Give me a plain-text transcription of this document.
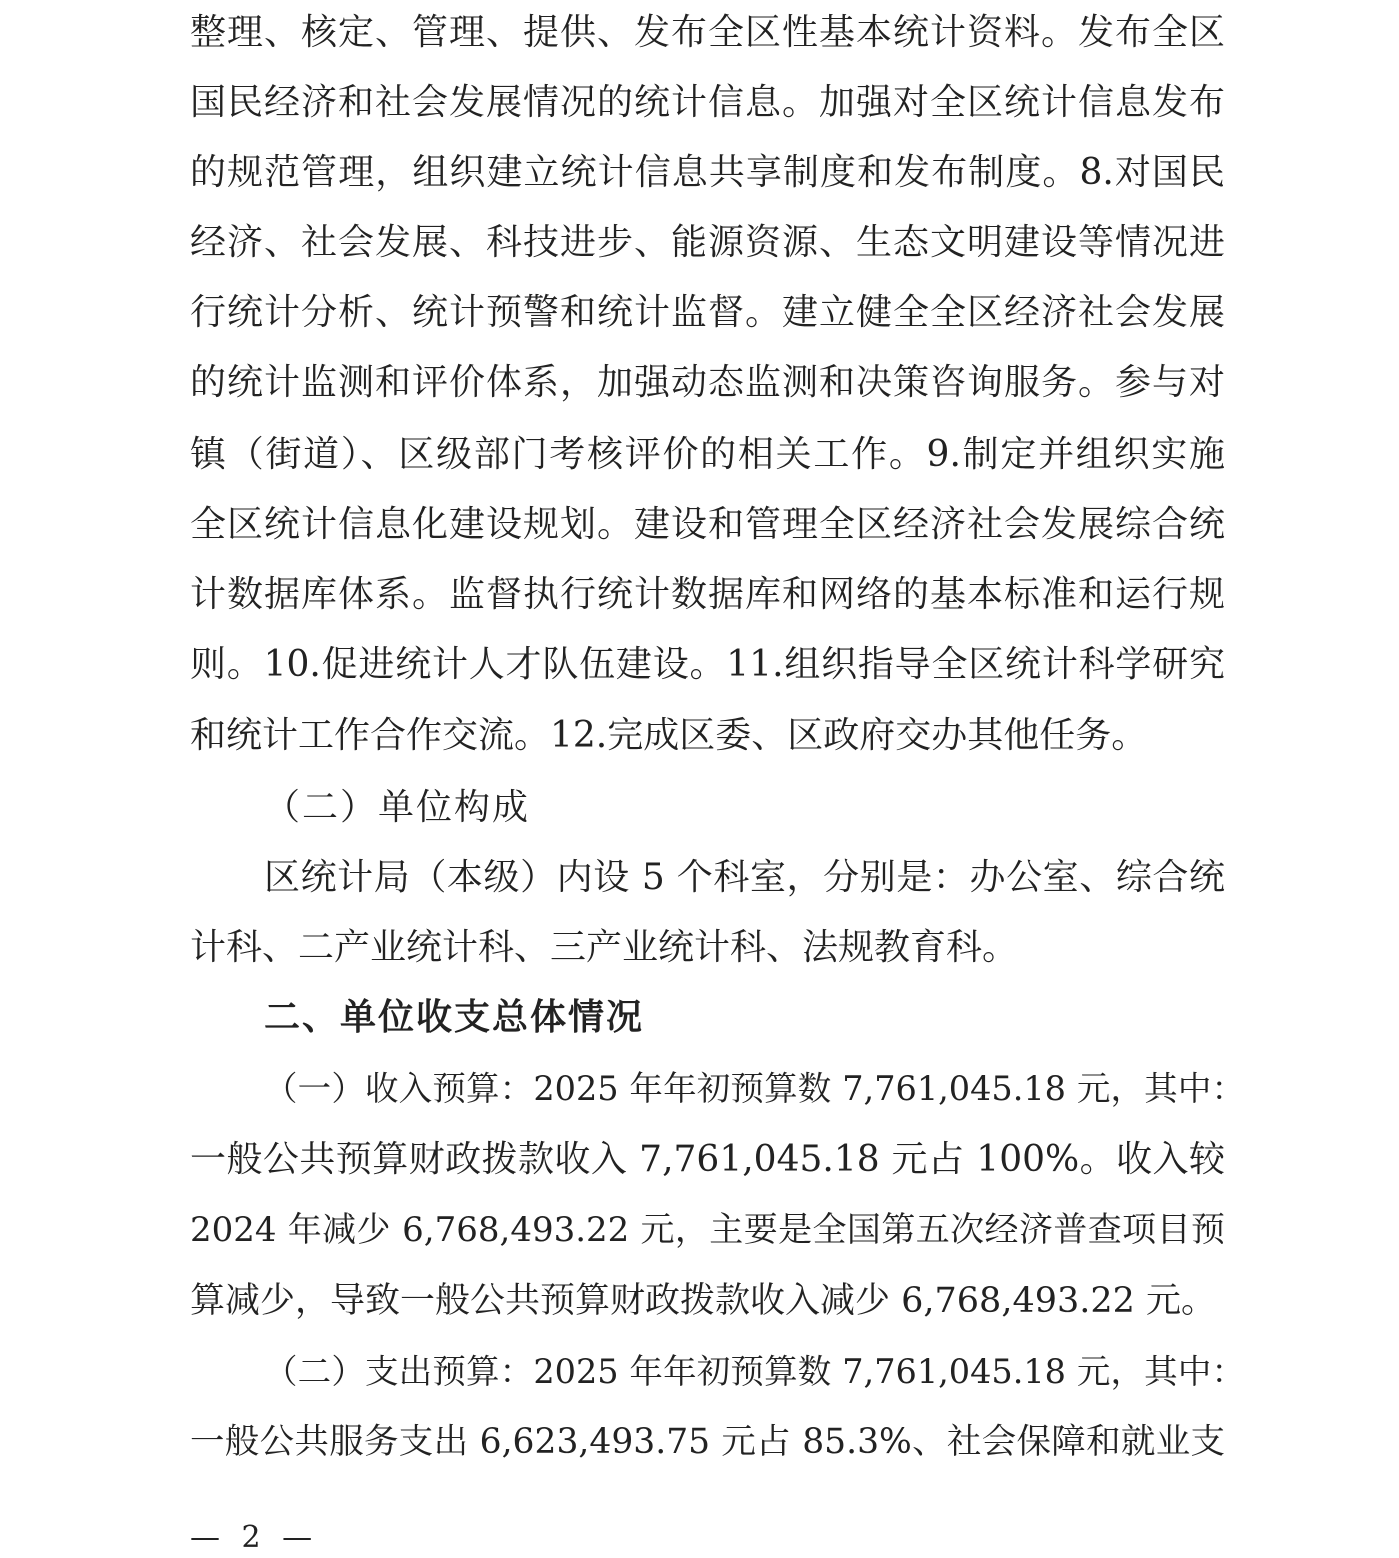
整理、核定、管理、提供、发布全区性基本统计资料。发布全区
国民经济和社会发展情况的统计信息。加强对全区统计信息发布
的规范管理，组织建立统计信息共享制度和发布制度。8.对国民
经济、社会发展、科技进步、能源资源、生态文明建设等情况进
行统计分析、统计预警和统计监督。建立健全全区经济社会发展
的统计监测和评价体系，加强动态监测和决策咨询服务。参与对
镇（街道）、区级部门考核评价的相关工作。9.制定并组织实施
全区统计信息化建设规划。建设和管理全区经济社会发展综合统
计数据库体系。监督执行统计数据库和网络的基本标准和运行规
则。10.促进统计人才队伍建设。11.组织指导全区统计科学研究
和统计工作合作交流。12.完成区委、区政府交办其他任务。
（二）单位构成
区统计局（本级）内设 5 个科室，分别是：办公室、综合统
计科、二产业统计科、三产业统计科、法规教育科。
二、单位收支总体情况
（一）收入预算：2025 年年初预算数 7,761,045.18 元，其中：
一般公共预算财政拨款收入 7,761,045.18 元占 100%。收入较
2024 年减少 6,768,493.22 元，主要是全国第五次经济普查项目预
算减少，导致一般公共预算财政拨款收入减少 6,768,493.22 元。
（二）支出预算：2025 年年初预算数 7,761,045.18 元，其中：
一般公共服务支出 6,623,493.75 元占 85.3%、社会保障和就业支
— 2 —
